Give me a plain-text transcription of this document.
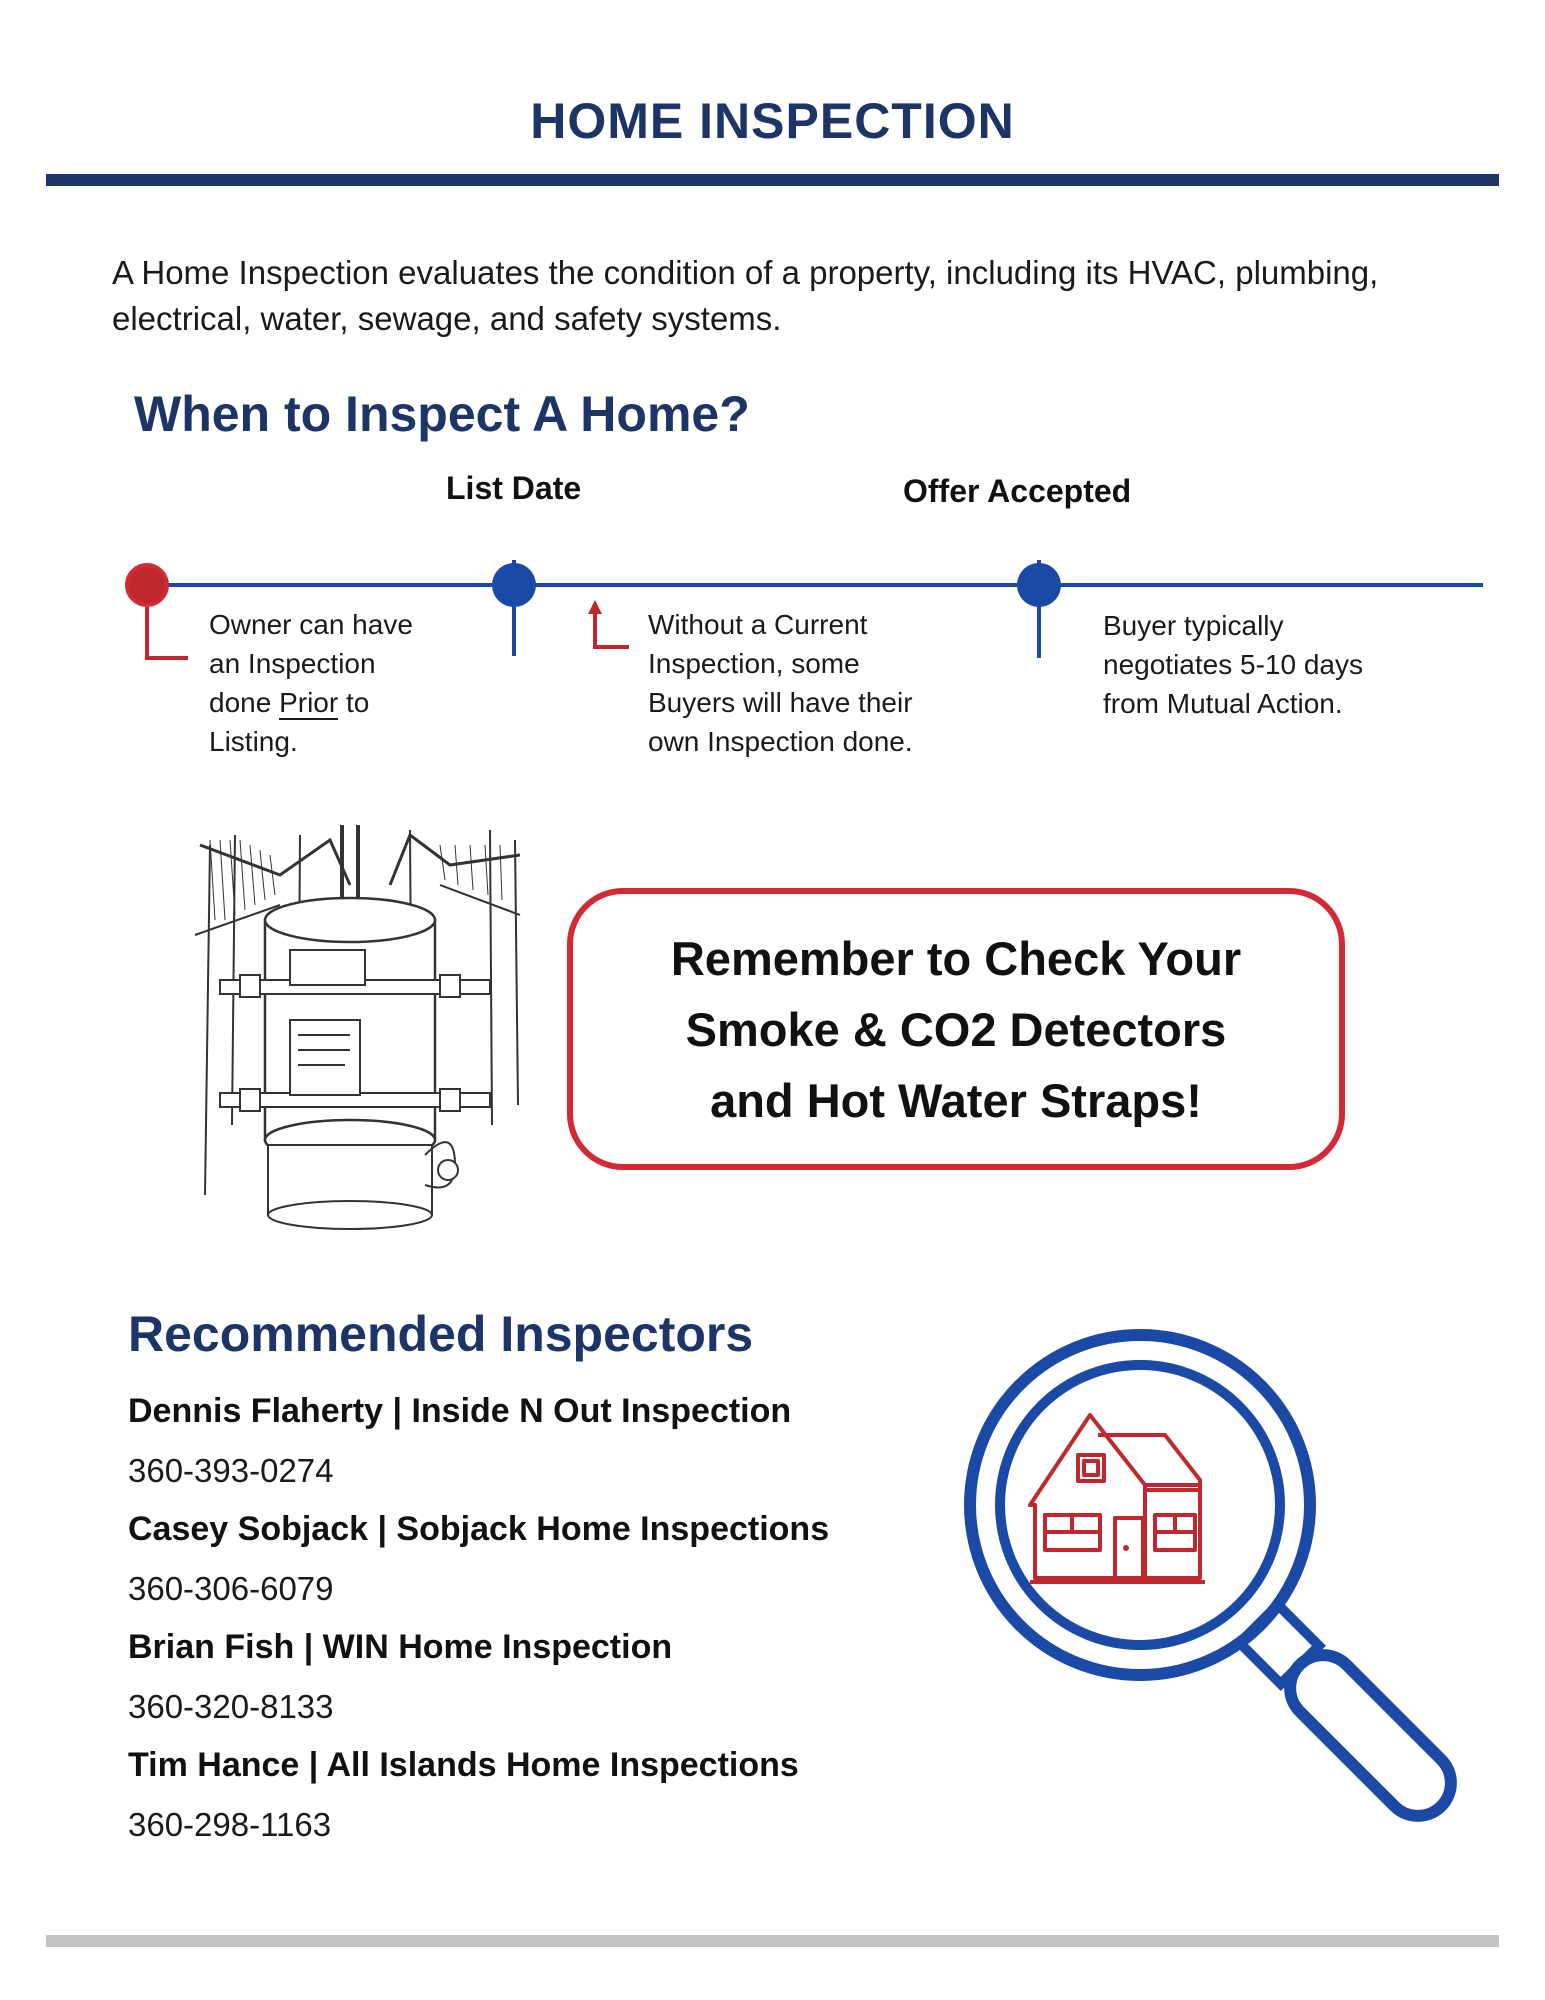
HOME INSPECTION
A Home Inspection evaluates the condition of a property, including its HVAC, plumbing, electrical, water, sewage, and safety systems.
When to Inspect A Home?
List Date	Offer Accepted
Owner can have
an Inspection
done Prior to
Listing.
Without a Current
Inspection, some
Buyers will have their
own Inspection done.
Buyer typically
negotiates 5-10 days
from Mutual Action.
Remember to Check Your
Smoke & CO2 Detectors
and Hot Water Straps!
Recommended Inspectors
Dennis Flaherty | Inside N Out Inspection
360-393-0274
Casey Sobjack | Sobjack Home Inspections
360-306-6079
Brian Fish | WIN Home Inspection
360-320-8133
Tim Hance | All Islands Home Inspections
360-298-1163
